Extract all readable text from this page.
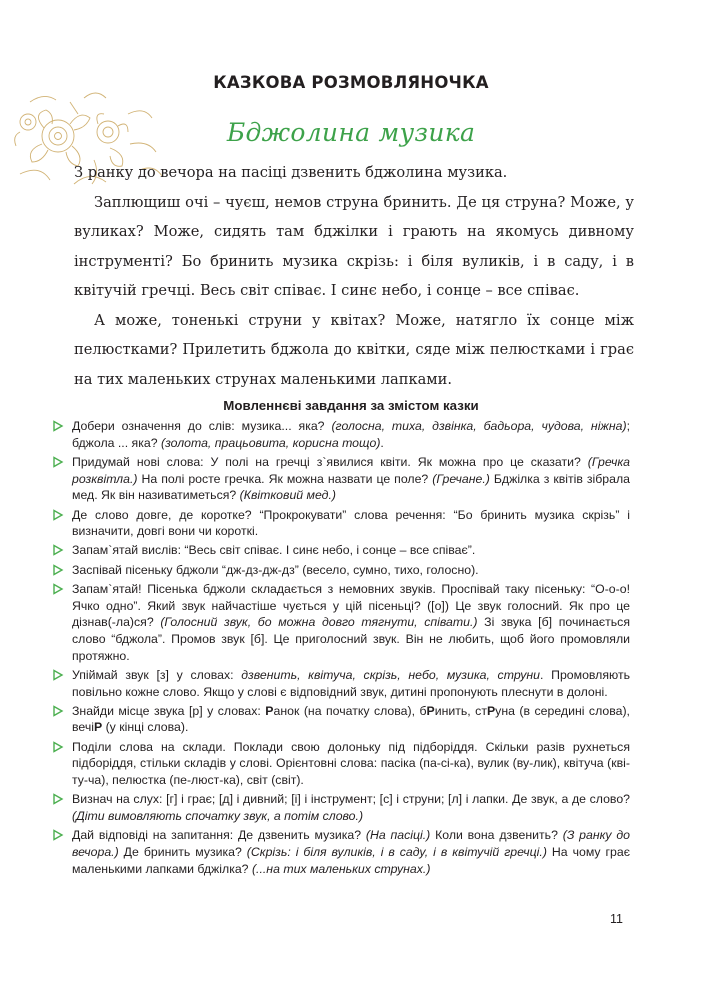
КАЗКОВА РОЗМОВЛЯНОЧКА
Бджолина музика

З ранку до вечора на пасіці дзвенить бджолина музика.

Заплющиш очі – чуєш, немов струна бринить. Де ця струна? Може, у вуликах? Може, сидять там бджілки і грають на якомусь дивному інструменті? Бо бринить музика скрізь: і біля вуликів, і в саду, і в квітучій гречці. Весь світ співає. І синє небо, і сонце – все співає.

А може, тоненькі струни у квітах? Може, натягло їх сонце між пелюстками? Прилетить бджола до квітки, сяде між пелюстками і грає на тих маленьких струнах маленькими лапками.

Мовленнєві завдання за змістом казки
Добери означення до слів: музика... яка? (голосна, тиха, дзвінка, бадьора, чудова, ніжна); бджола ... яка? (золота, працьовита, корисна тощо).
Придумай нові слова: У полі на гречці з`явилися квіти. Як можна про це сказати? (Гречка розквітла.) На полі росте гречка. Як можна назвати це поле? (Гречане.) Бджілка з квітів зібрала мед. Як він називатиметься? (Квітковий мед.)
Де слово довге, де коротке? “Прокрокувати” слова речення: “Бо бринить музика скрізь” і визначити, довгі вони чи короткі.
Запам`ятай вислів: “Весь світ співає. І синє небо, і сонце – все співає”.
Заспівай пісеньку бджоли “дж-дз-дж-дз” (весело, сумно, тихо, голосно).
Запам`ятай! Пісенька бджоли складається з немовних звуків. Проспівай таку пісеньку: “О-о-о! Ячко одно”. Який звук найчастіше чується у цій пісеньці? ([о]) Це звук голосний. Як про це дізнав(-ла)ся? (Голосний звук, бо можна довго тягнути, співати.) Зі звука [б] починається слово “бджола”. Промов звук [б]. Це приголосний звук. Він не любить, щоб його промовляли протяжно.
Упіймай звук [з] у словах: дзвенить, квітуча, скрізь, небо, музика, струни. Промовляють повільно кожне слово. Якщо у слові є відповідний звук, дитині пропонують плеснути в долоні.
Знайди місце звука [р] у словах: Ранок (на початку слова), бРинить, стРуна (в середині слова), вечіР (у кінці слова).
Поділи слова на склади. Поклади свою долоньку під підборіддя. Скільки разів рухнеться підборіддя, стільки складів у слові. Орієнтовні слова: пасіка (па-сі-ка), вулик (ву-лик), квітуча (кві-ту-ча), пелюстка (пе-люст-ка), світ (світ).
Визнач на слух: [г] і грає; [д] і дивний; [і] і інструмент; [с] і струни; [л] і лапки. Де звук, а де слово? (Діти вимовляють спочатку звук, а потім слово.)
Дай відповіді на запитання: Де дзвенить музика? (На пасіці.) Коли вона дзвенить? (З ранку до вечора.) Де бринить музика? (Скрізь: і біля вуликів, і в саду, і в квітучій гречці.) На чому грає маленькими лапками бджілка? (...на тих маленьких струнах.)
11
